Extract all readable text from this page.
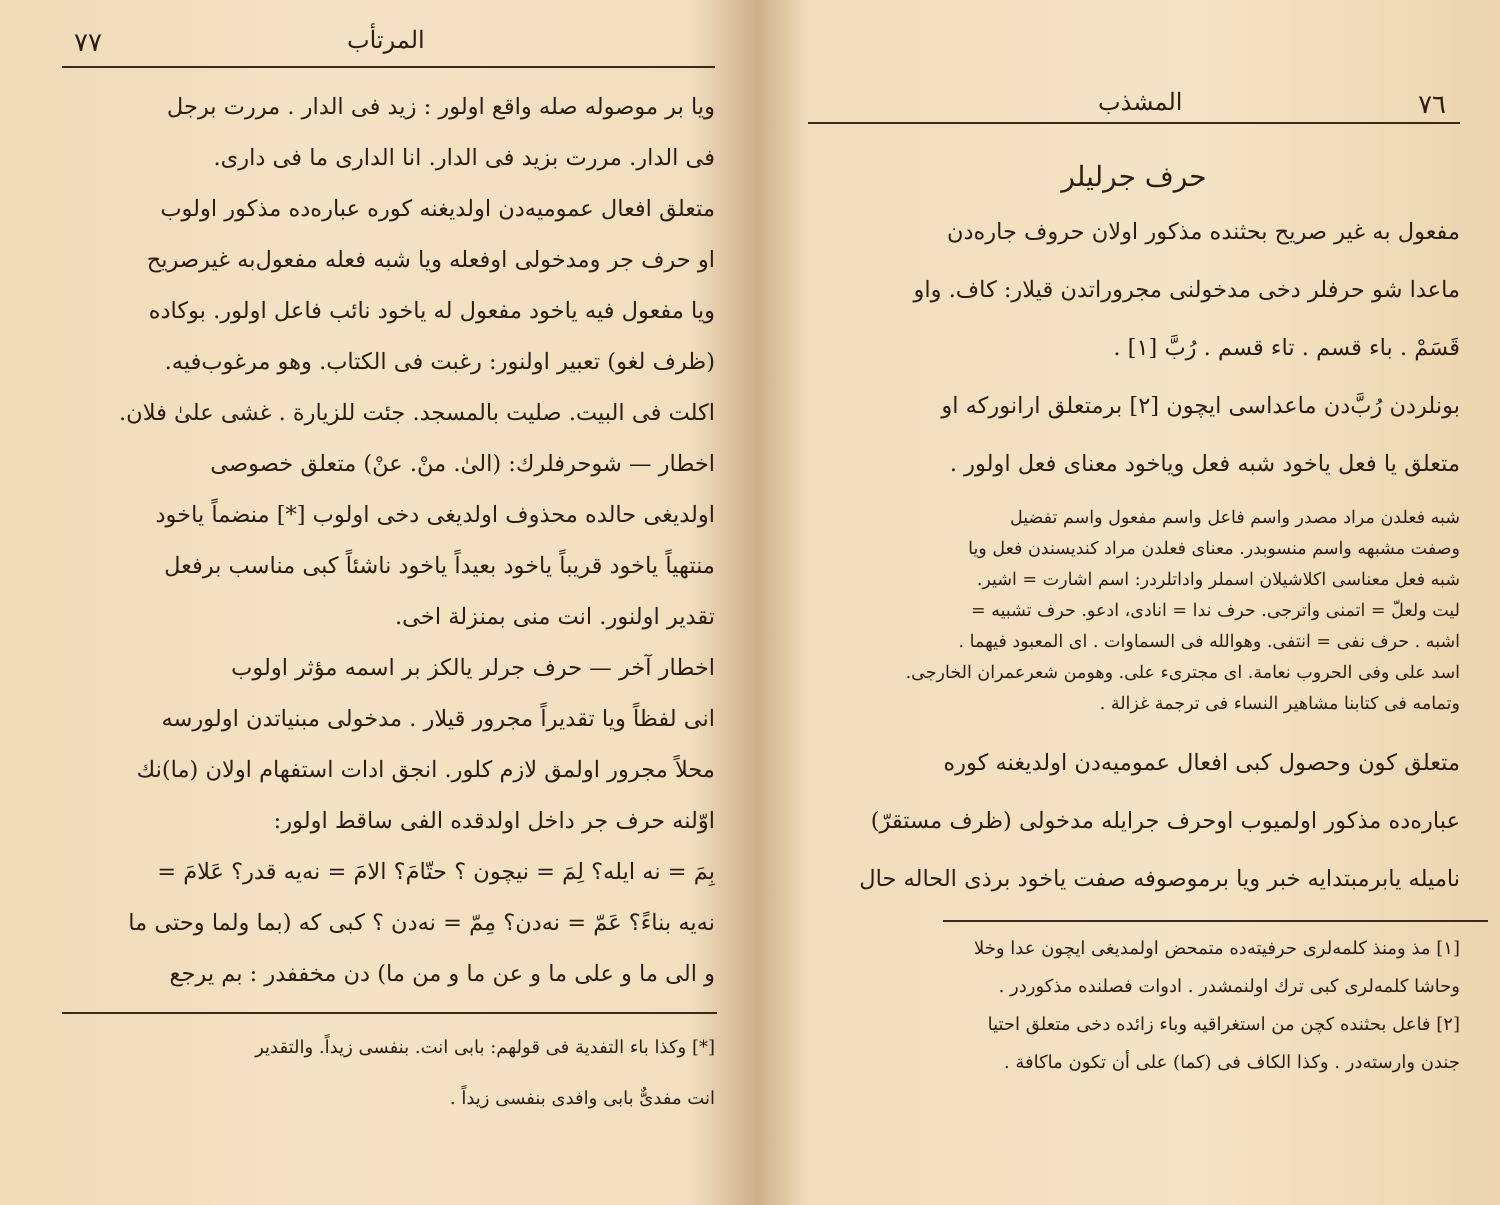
٧٧	المرتأب
ویا بر موصوله صله واقع اولور : زید فی الدار . مررت برجل
فی الدار. مررت بزید فی الدار. انا الداری ما فی داری.
متعلق افعال عمومیه‌دن اولدیغنه کوره عباره‌ده مذکور اولوب
او حرف جر ومدخولی اوفعله ویا شبه فعله مفعول‌به غیرصریح
ویا مفعول فیه یاخود مفعول له یاخود نائب فاعل اولور. بوکاده
(ظرف لغو) تعبیر اولنور: رغبت فی الکتاب. وهو مرغوب‌فیه.
اکلت فی البیت. صلیت بالمسجد. جئت للزیارة . غشی علیٰ فلان.
اخطار — شوحرفلرك: (الیٰ. منْ. عنْ) متعلق خصوصی
اولدیغی حالده محذوف اولدیغی دخی اولوب [*] منضماً یاخود
منتهیاً یاخود قریباً یاخود بعیداً یاخود ناشئاً کبی مناسب برفعل
تقدیر اولنور. انت منی بمنزلة اخی.
اخطار آخر — حرف جرلر یالکز بر اسمه مؤثر اولوب
انی لفظاً ویا تقدیراً مجرور قیلار . مدخولی مبنیاتدن اولورسه
محلاً مجرور اولمق لازم کلور. انجق ادات استفهام اولان (ما)نك
اوّلنه حرف جر داخل اولدقده الفی ساقط اولور:
بِمَ = نه ایله؟ لِمَ = نیچون ؟ حتّامَ؟ الامَ = نه‌یه قدر؟ عَلامَ =
نه‌یه بناءً؟ عَمّ = نه‌دن؟ مِمّ = نه‌دن ؟ کبی که (بما ولما وحتی ما
و الی ما و علی ما و عن ما و من ما) دن مخففدر : بم یرجع
[*] وکذا باء التفدیة فی قولهم: بابی انت. بنفسی زیداً. والتقدیر
انت مفدیٌّ بابی وافدی بنفسی زیداً .
المشذب	٧٦
حرف جرلیلر
مفعول به غیر صریح بحثنده مذکور اولان حروف جاره‌دن
ماعدا شو حرفلر دخی مدخولنی مجروراتدن قیلار: کاف. واو
قَسَمْ . باء قسم . تاء قسم . رُبَّ [١] .
بونلردن رُبَّ‌دن ماعداسی ایچون [٢] برمتعلق ارانورکه او
متعلق یا فعل یاخود شبه فعل ویاخود معنای فعل اولور .
شبه فعلدن مراد مصدر واسم فاعل واسم مفعول واسم تفضیل
وصفت مشبهه واسم منسوبدر. معنای فعلدن مراد کندیسندن فعل ویا
شبه فعل معناسی اکلاشیلان اسملر واداتلردر: اسم اشارت = اشیر.
لیت ولعلّ = اتمنی واترجی. حرف ندا = انادی، ادعو. حرف تشبیه =
اشبه . حرف نفی = انتفی. وهوالله فی السماوات . ای المعبود فیهما .
اسد علی وفی الحروب نعامة. ای مجتریء علی. وهومن شعرعمران الخارجی.
وتمامه فی کتابنا مشاهیر النساء فی ترجمة غزالة .
متعلق کون وحصول کبی افعال عمومیه‌دن اولدیغنه کوره
عباره‌ده مذکور اولمیوب اوحرف جرایله مدخولی (ظرف مستقرّ)
نامیله یابرمبتدایه خبر ویا برموصوفه صفت یاخود برذی الحاله حال
[١] مذ ومنذ کلمه‌لری حرفیته‌ده متمحض اولمدیغی ایچون عدا وخلا
وحاشا کلمه‌لری کبی ترك اولنمشدر . ادوات فصلنده مذکوردر .
[٢] فاعل بحثنده کچن من استغراقیه وباء زائده دخی متعلق احتیا‌
جندن وارسته‌در . وکذا الکاف فی (کما) علی أن تکون ماکافة .
